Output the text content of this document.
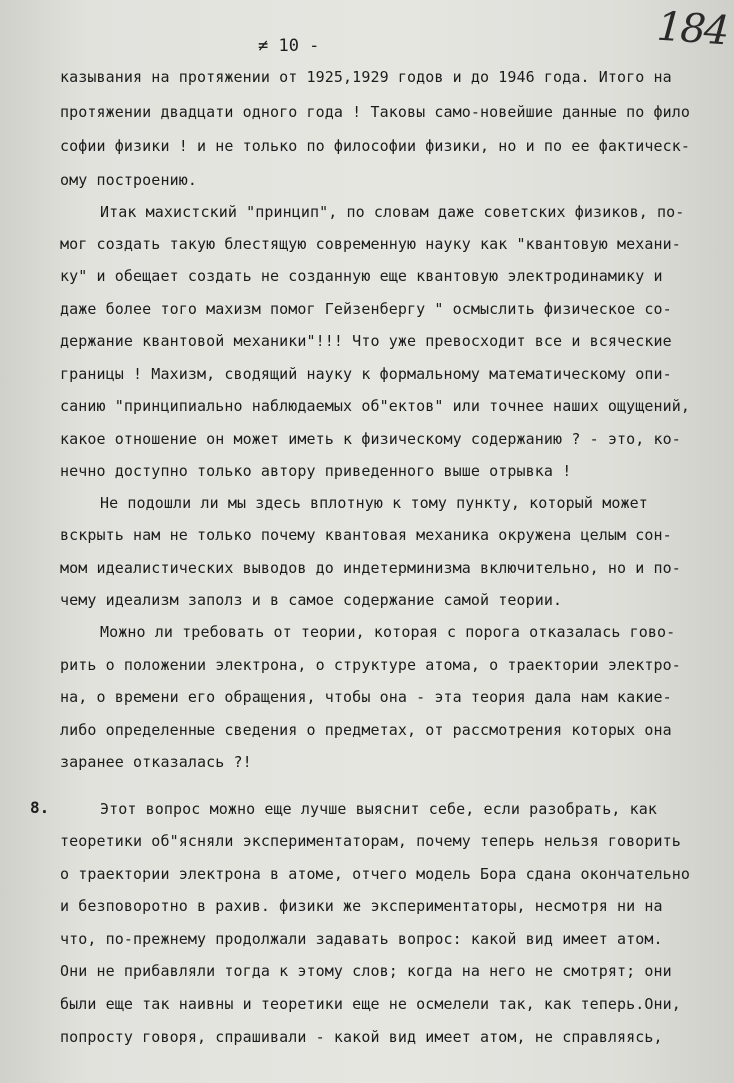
≠ 10 -	184
8.
казывания на протяжении от 1925,1929 годов и до 1946 года. Итого на
протяжении двадцати одного года ! Таковы само-новейшие данные по фило
софии физики ! и не только по философии физики, но и по ее фактическ-
ому построению.
Итак махистский "принцип", по словам даже советских физиков, по-
мог создать такую блестящую современную науку как "квантовую механи-
ку" и обещает создать не созданную еще квантовую электродинамику и
даже более того махизм помог Гейзенбергу " осмыслить физическое со-
держание квантовой механики"!!! Что уже превосходит все и всяческие
границы ! Махизм, сводящий науку к формальному математическому опи-
санию "принципиально наблюдаемых об"ектов" или точнее наших ощущений,
какое отношение он может иметь к физическому содержанию ? - это, ко-
нечно доступно только автору приведенного выше отрывка !
Не подошли ли мы здесь вплотную к тому пункту, который может
вскрыть нам не только почему квантовая механика окружена целым сон-
мом идеалистических выводов до индетерминизма включительно, но и по-
чему идеализм заполз и в самое содержание самой теории.
Можно ли требовать от теории, которая с порога отказалась гово-
рить о положении электрона, о структуре атома, о траектории электро-
на, о времени его обращения, чтобы она - эта теория дала нам какие-
либо определенные сведения о предметах, от рассмотрения которых она
заранее отказалась ?!
Этот вопрос можно еще лучше выяснит себе, если разобрать, как
теоретики об"ясняли экспериментаторам, почему теперь нельзя говорить
о траектории электрона в атоме, отчего модель Бора сдана окончательно
и безповоротно в рахив. физики же экспериментаторы, несмотря ни на
что, по-прежнему продолжали задавать вопрос: какой вид имеет атом.
Они не прибавляли тогда к этому слов; когда на него не смотрят; они
были еще так наивны и теоретики еще не осмелели так, как теперь.Они,
попросту говоря, спрашивали - какой вид имеет атом, не справляясь,
